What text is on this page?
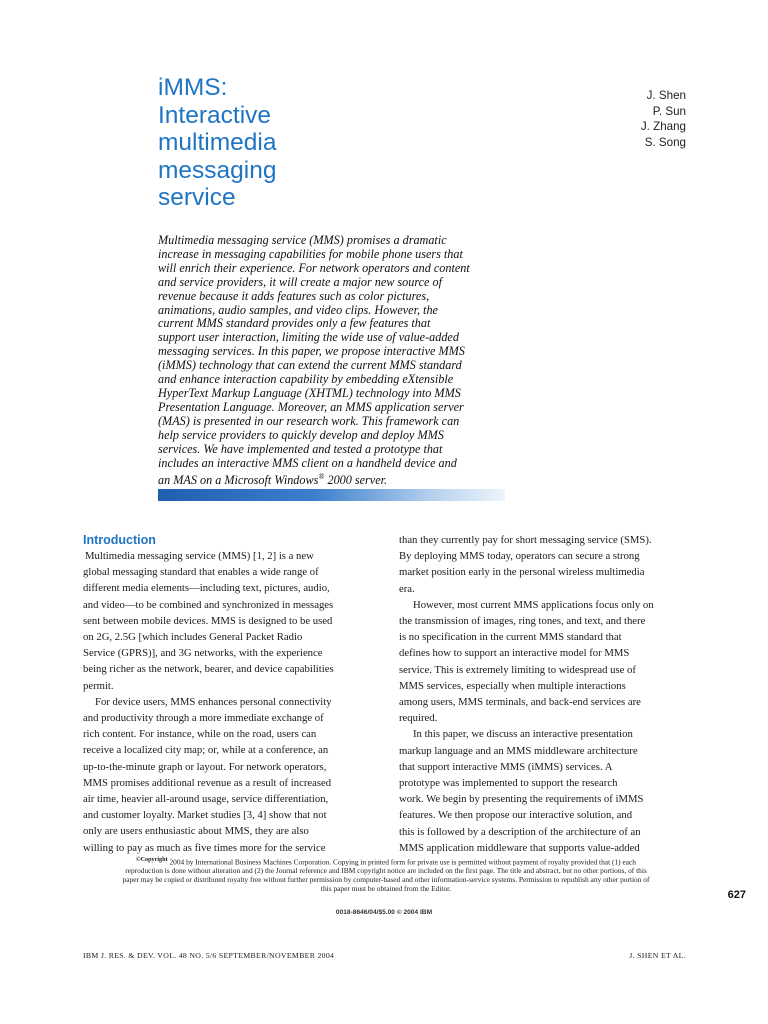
iMMS:
Interactive
multimedia
messaging
service
J. Shen
P. Sun
J. Zhang
S. Song
Multimedia messaging service (MMS) promises a dramatic
increase in messaging capabilities for mobile phone users that
will enrich their experience. For network operators and content
and service providers, it will create a major new source of
revenue because it adds features such as color pictures,
animations, audio samples, and video clips. However, the
current MMS standard provides only a few features that
support user interaction, limiting the wide use of value-added
messaging services. In this paper, we propose interactive MMS
(iMMS) technology that can extend the current MMS standard
and enhance interaction capability by embedding eXtensible
HyperText Markup Language (XHTML) technology into MMS
Presentation Language. Moreover, an MMS application server
(MAS) is presented in our research work. This framework can
help service providers to quickly develop and deploy MMS
services. We have implemented and tested a prototype that
includes an interactive MMS client on a handheld device and
an MAS on a Microsoft Windows® 2000 server.
Introduction
Multimedia messaging service (MMS) [1, 2] is a new
global messaging standard that enables a wide range of
different media elements—including text, pictures, audio,
and video—to be combined and synchronized in messages
sent between mobile devices. MMS is designed to be used
on 2G, 2.5G [which includes General Packet Radio
Service (GPRS)], and 3G networks, with the experience
being richer as the network, bearer, and device capabilities
permit.
For device users, MMS enhances personal connectivity
and productivity through a more immediate exchange of
rich content. For instance, while on the road, users can
receive a localized city map; or, while at a conference, an
up-to-the-minute graph or layout. For network operators,
MMS promises additional revenue as a result of increased
air time, heavier all-around usage, service differentiation,
and customer loyalty. Market studies [3, 4] show that not
only are users enthusiastic about MMS, they are also
willing to pay as much as five times more for the service
than they currently pay for short messaging service (SMS).
By deploying MMS today, operators can secure a strong
market position early in the personal wireless multimedia
era.
However, most current MMS applications focus only on
the transmission of images, ring tones, and text, and there
is no specification in the current MMS standard that
defines how to support an interactive model for MMS
service. This is extremely limiting to widespread use of
MMS services, especially when multiple interactions
among users, MMS terminals, and back-end services are
required.
In this paper, we discuss an interactive presentation
markup language and an MMS middleware architecture
that support interactive MMS (iMMS) services. A
prototype was implemented to support the research
work. We begin by presenting the requirements of iMMS
features. We then propose our interactive solution, and
this is followed by a description of the architecture of an
MMS application middleware that supports value-added
$^{©Copyright}$ 2004 by International Business Machines Corporation. Copying in printed form for private use is permitted without payment of royalty provided that (1) each
reproduction is done without alteration and (2) the Journal reference and IBM copyright notice are included on the first page. The title and abstract, but no other portions, of this
paper may be copied or distributed royalty free without further permission by computer-based and other information-service systems. Permission to republish any other portion of
this paper must be obtained from the Editor.
0018-8646/04/$5.00 © 2004 IBM
627
IBM J. RES. & DEV. VOL. 48 NO. 5/6 SEPTEMBER/NOVEMBER 2004	J. SHEN ET AL.
